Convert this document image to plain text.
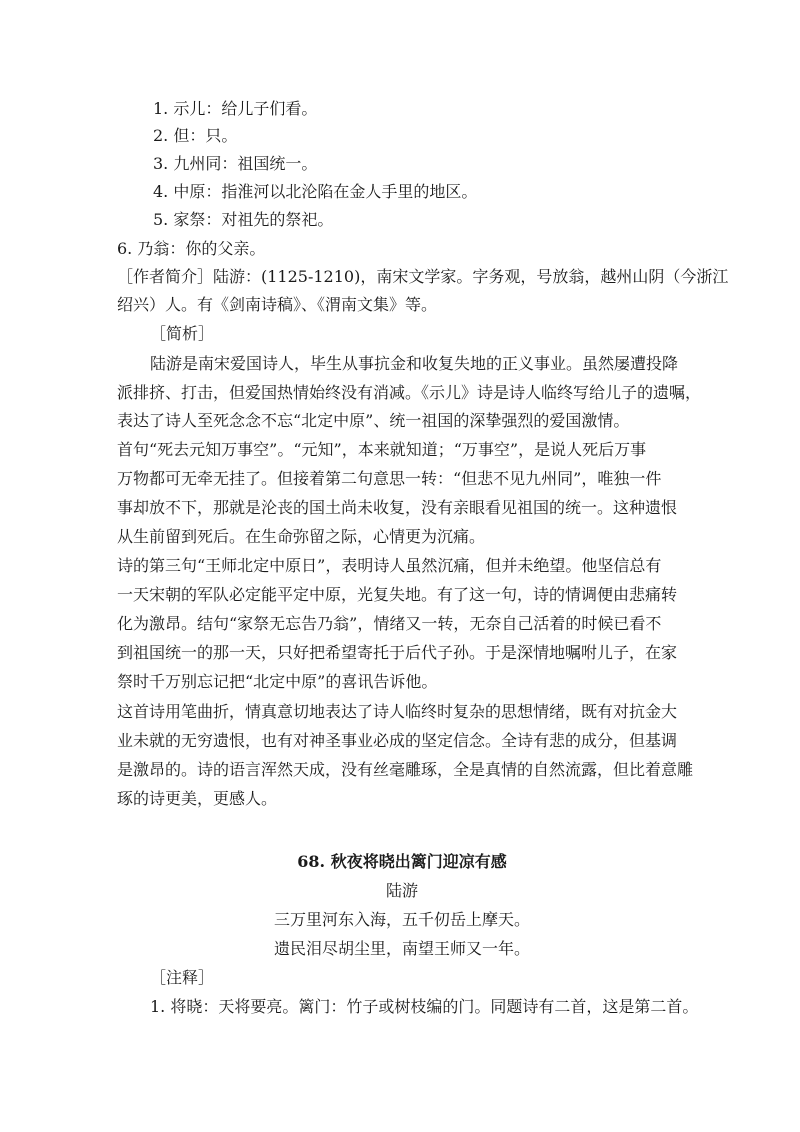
1. 示儿：给儿子们看。
2. 但：只。
3. 九州同：祖国统一。
4. 中原：指淮河以北沦陷在金人手里的地区。
5. 家祭：对祖先的祭祀。
6. 乃翁：你的父亲。
［作者简介］陆游：(1125-1210)，南宋文学家。字务观，号放翁，越州山阴（今浙江
绍兴）人。有《剑南诗稿》、《渭南文集》等。
［简析］
陆游是南宋爱国诗人，毕生从事抗金和收复失地的正义事业。虽然屡遭投降
派排挤、打击，但爱国热情始终没有消减。《示儿》诗是诗人临终写给儿子的遗嘱，
表达了诗人至死念念不忘“北定中原”、统一祖国的深挚强烈的爱国激情。
首句“死去元知万事空”。“元知”，本来就知道；“万事空”，是说人死后万事
万物都可无牵无挂了。但接着第二句意思一转：“但悲不见九州同”，唯独一件
事却放不下，那就是沦丧的国土尚未收复，没有亲眼看见祖国的统一。这种遗恨
从生前留到死后。在生命弥留之际，心情更为沉痛。
诗的第三句“王师北定中原日”，表明诗人虽然沉痛，但并未绝望。他坚信总有
一天宋朝的军队必定能平定中原，光复失地。有了这一句，诗的情调便由悲痛转
化为激昂。结句“家祭无忘告乃翁”，情绪又一转，无奈自己活着的时候已看不
到祖国统一的那一天，只好把希望寄托于后代子孙。于是深情地嘱咐儿子，在家
祭时千万别忘记把“北定中原”的喜讯告诉他。
这首诗用笔曲折，情真意切地表达了诗人临终时复杂的思想情绪，既有对抗金大
业未就的无穷遗恨，也有对神圣事业必成的坚定信念。全诗有悲的成分，但基调
是激昂的。诗的语言浑然天成，没有丝毫雕琢，全是真情的自然流露，但比着意雕
琢的诗更美，更感人。
68. 秋夜将晓出篱门迎凉有感
陆游
三万里河东入海，五千仞岳上摩天。
遗民泪尽胡尘里，南望王师又一年。
［注释］
1. 将晓：天将要亮。篱门：竹子或树枝编的门。同题诗有二首，这是第二首。
